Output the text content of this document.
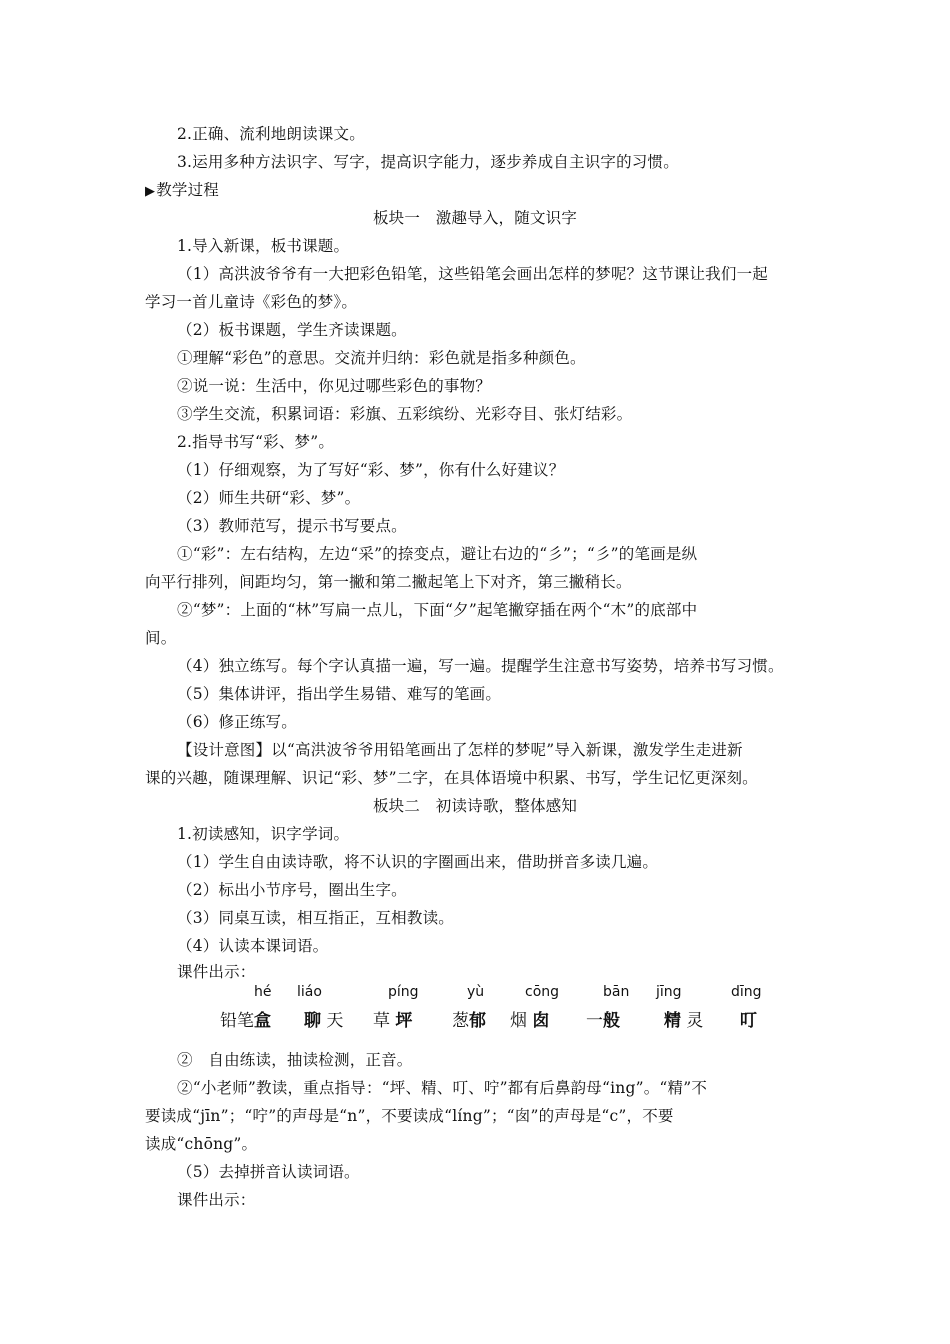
2.正确、流利地朗读课文。
3.运用多种方法识字、写字，提高识字能力，逐步养成自主识字的习惯。
▶教学过程
板块一　激趣导入，随文识字
1.导入新课，板书课题。
（1）高洪波爷爷有一大把彩色铅笔，这些铅笔会画出怎样的梦呢？这节课让我们一起
学习一首儿童诗《彩色的梦》。
（2）板书课题，学生齐读课题。
①理解“彩色”的意思。交流并归纳：彩色就是指多种颜色。
②说一说：生活中，你见过哪些彩色的事物？
③学生交流，积累词语：彩旗、五彩缤纷、光彩夺目、张灯结彩。
2.指导书写“彩、梦”。
（1）仔细观察，为了写好“彩、梦”，你有什么好建议？
（2）师生共研“彩、梦”。
（3）教师范写，提示书写要点。
①“彩”：左右结构，左边“采”的捺变点，避让右边的“彡”；“彡”的笔画是纵
向平行排列，间距均匀，第一撇和第二撇起笔上下对齐，第三撇稍长。
②“梦”：上面的“林”写扁一点儿，下面“夕”起笔撇穿插在两个“木”的底部中
间。
（4）独立练写。每个字认真描一遍，写一遍。提醒学生注意书写姿势，培养书写习惯。
（5）集体讲评，指出学生易错、难写的笔画。
（6）修正练写。
【设计意图】以“高洪波爷爷用铅笔画出了怎样的梦呢”导入新课，激发学生走进新
课的兴趣，随课理解、识记“彩、梦”二字，在具体语境中积累、书写，学生记忆更深刻。
板块二　初读诗歌，整体感知
1.初读感知，识字学词。
（1）学生自由读诗歌，将不认识的字圈画出来，借助拼音多读几遍。
（2）标出小节序号，圈出生字。
（3）同桌互读，相互指正，互相教读。
（4）认读本课词语。
课件出示：
hé liáo	píng	yù	cōng	bān jīng	dīng
铅笔盒 聊 天 草 坪 葱郁 烟 囱 一般	精 灵 叮
②　自由练读，抽读检测，正音。
②“小老师”教读，重点指导：“坪、精、叮、咛”都有后鼻韵母“ing”。“精”不
要读成“jīn”；“咛”的声母是“n”，不要读成“líng”；“囱”的声母是“c”，不要
读成“chōng”。
（5）去掉拼音认读词语。
课件出示：
